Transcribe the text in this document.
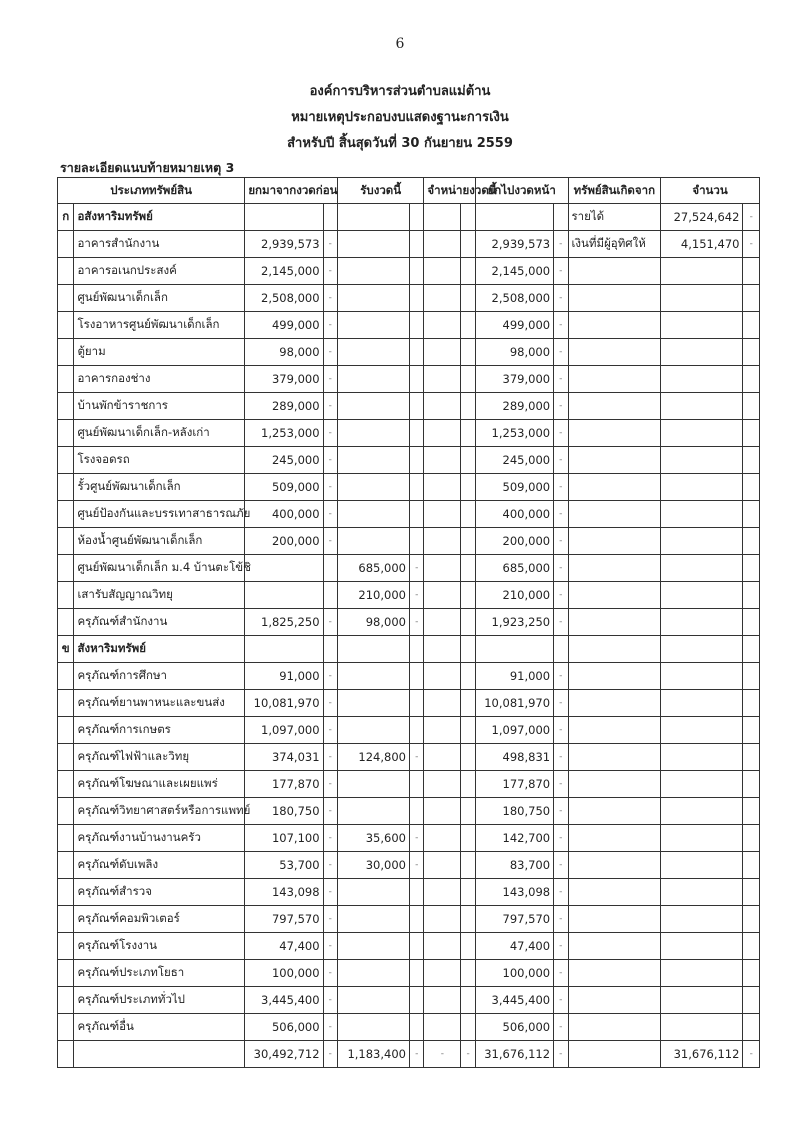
6
องค์การบริหารส่วนตำบลแม่ต้าน
หมายเหตุประกอบงบแสดงฐานะการเงิน
สำหรับปี สิ้นสุดวันที่ 30 กันยายน 2559
รายละเอียดแนบท้ายหมายเหตุ 3
ประเภททรัพย์สิน		ยกมาจากงวดก่อน		รับงวดนี้		จำหน่ายงวดนี้		ยกไปงวดหน้า		ทรัพย์สินเกิดจาก	จำนวน	
ก	อสังหาริมทรัพย์									รายได้	27,524,642	-
	อาคารสำนักงาน	2,939,573	-					2,939,573	-	เงินที่มีผู้อุทิศให้	4,151,470	-
	อาคารอเนกประสงค์	2,145,000	-					2,145,000	-			
	ศูนย์พัฒนาเด็กเล็ก	2,508,000	-					2,508,000	-			
	โรงอาหารศูนย์พัฒนาเด็กเล็ก	499,000	-					499,000	-			
	ตู้ยาม	98,000	-					98,000	-			
	อาคารกองช่าง	379,000	-					379,000	-			
	บ้านพักข้าราชการ	289,000	-					289,000	-			
	ศูนย์พัฒนาเด็กเล็ก-หลังเก่า	1,253,000	-					1,253,000	-			
	โรงจอดรถ	245,000	-					245,000	-			
	รั้วศูนย์พัฒนาเด็กเล็ก	509,000	-					509,000	-			
	ศูนย์ป้องกันและบรรเทาสาธารณภัย	400,000	-					400,000	-			
	ห้องน้ำศูนย์พัฒนาเด็กเล็ก	200,000	-					200,000	-			
	ศูนย์พัฒนาเด็กเล็ก ม.4 บ้านตะโข้ชิ			685,000	-			685,000	-			
	เสารับสัญญาณวิทยุ			210,000	-			210,000	-			
	ครุภัณฑ์สำนักงาน	1,825,250	-	98,000	-			1,923,250	-			
ข	สังหาริมทรัพย์											
	ครุภัณฑ์การศึกษา	91,000	-					91,000	-			
	ครุภัณฑ์ยานพาหนะและขนส่ง	10,081,970	-					10,081,970	-			
	ครุภัณฑ์การเกษตร	1,097,000	-					1,097,000	-			
	ครุภัณฑ์ไฟฟ้าและวิทยุ	374,031	-	124,800	-			498,831	-			
	ครุภัณฑ์โฆษณาและเผยแพร่	177,870	-					177,870	-			
	ครุภัณฑ์วิทยาศาสตร์หรือการแพทย์	180,750	-					180,750	-			
	ครุภัณฑ์งานบ้านงานครัว	107,100	-	35,600	-			142,700	-			
	ครุภัณฑ์ดับเพลิง	53,700	-	30,000	-			83,700	-			
	ครุภัณฑ์สำรวจ	143,098	-					143,098	-			
	ครุภัณฑ์คอมพิวเตอร์	797,570	-					797,570	-			
	ครุภัณฑ์โรงงาน	47,400	-					47,400	-			
	ครุภัณฑ์ประเภทโยธา	100,000	-					100,000	-			
	ครุภัณฑ์ประเภททั่วไป	3,445,400	-					3,445,400	-			
	ครุภัณฑ์อื่น	506,000	-					506,000	-			
		30,492,712	-	1,183,400	-	-	-	31,676,112	-		31,676,112	-
